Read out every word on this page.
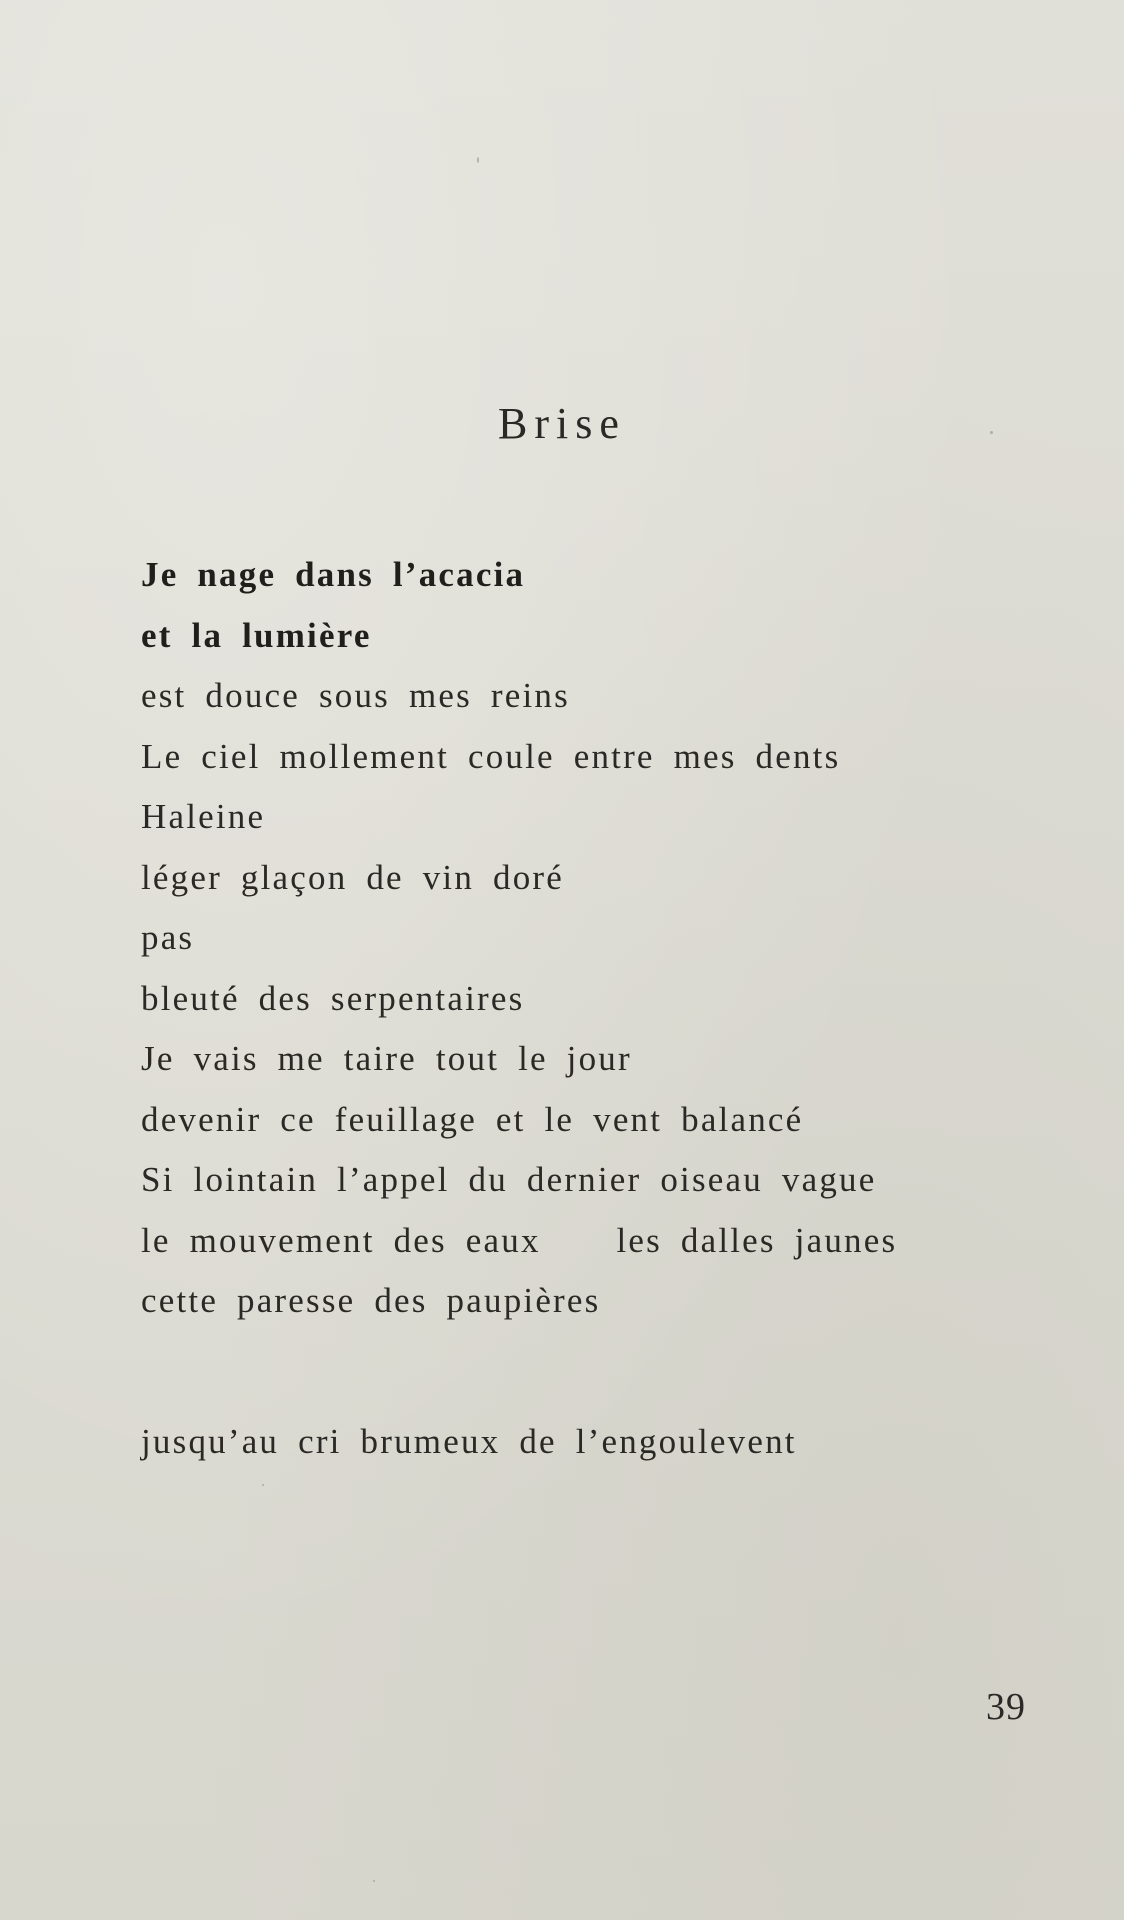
Brise
Je nage dans l’acacia
et la lumière
est douce sous mes reins
Le ciel mollement coule entre mes dents
Haleine
léger glaçon de vin doré
pas
bleuté des serpentaires
Je vais me taire tout le jour
devenir ce feuillage et le vent balancé
Si lointain l’appel du dernier oiseau vague
le mouvement des eaux    les dalles jaunes
cette paresse des paupières
jusqu’au cri brumeux de l’engoulevent
39
